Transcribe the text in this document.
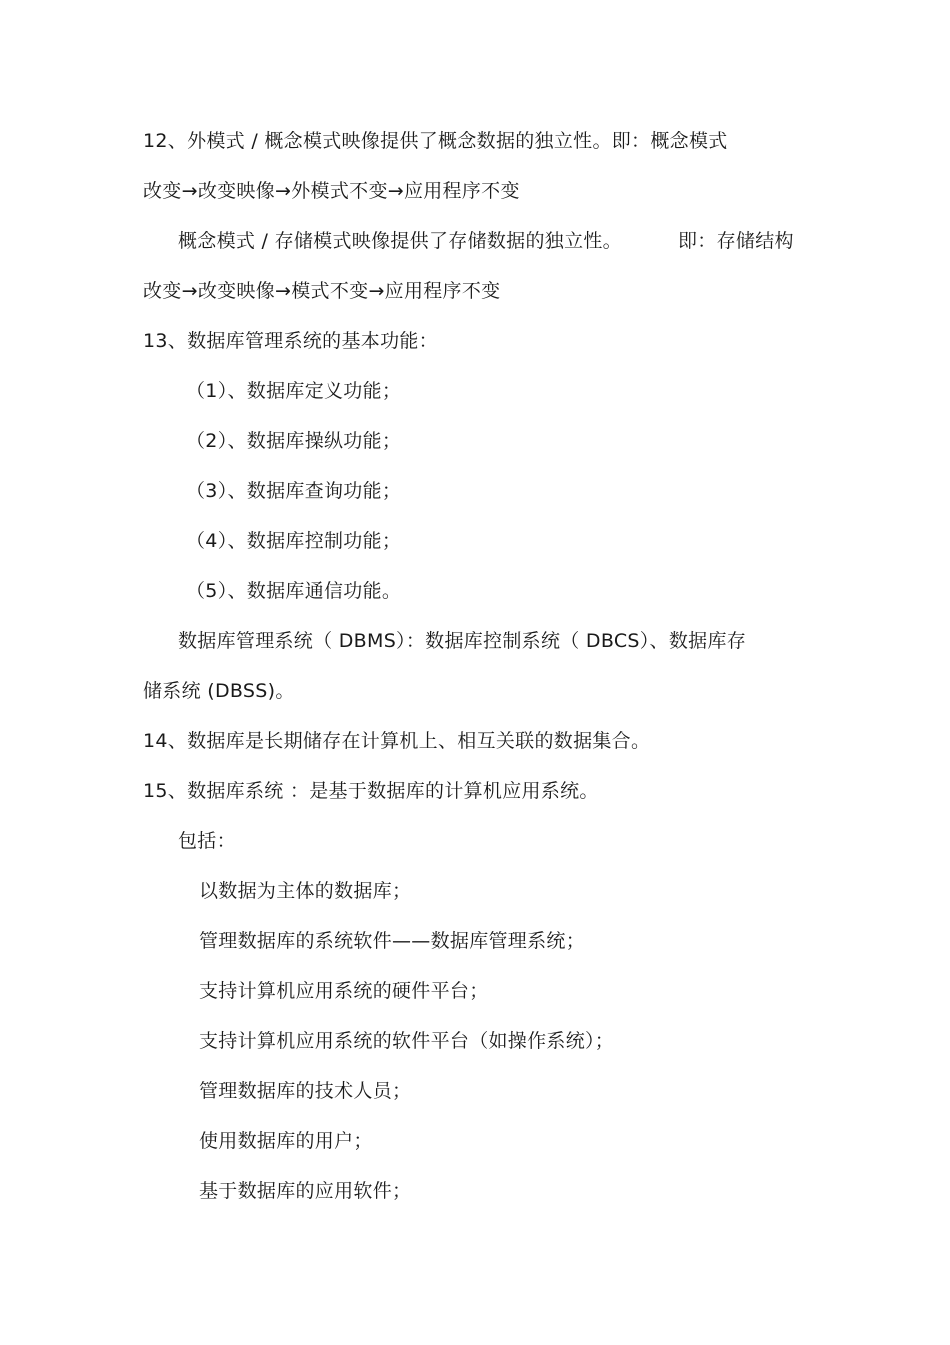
12、外模式 / 概念模式映像提供了概念数据的独立性。即：概念模式
改变→改变映像→外模式不变→应用程序不变
概念模式 / 存储模式映像提供了存储数据的独立性。	即：存储结构
改变→改变映像→模式不变→应用程序不变
13、数据库管理系统的基本功能：
（1）、数据库定义功能；
（2）、数据库操纵功能；
（3）、数据库查询功能；
（4）、数据库控制功能；
（5）、数据库通信功能。
数据库管理系统（ DBMS）：数据库控制系统（ DBCS）、数据库存
储系统 (DBSS)。
14、数据库是长期储存在计算机上、相互关联的数据集合。
15、数据库系统 ：是基于数据库的计算机应用系统。
包括：
以数据为主体的数据库；
管理数据库的系统软件——数据库管理系统；
支持计算机应用系统的硬件平台；
支持计算机应用系统的软件平台（如操作系统）；
管理数据库的技术人员；
使用数据库的用户；
基于数据库的应用软件；
